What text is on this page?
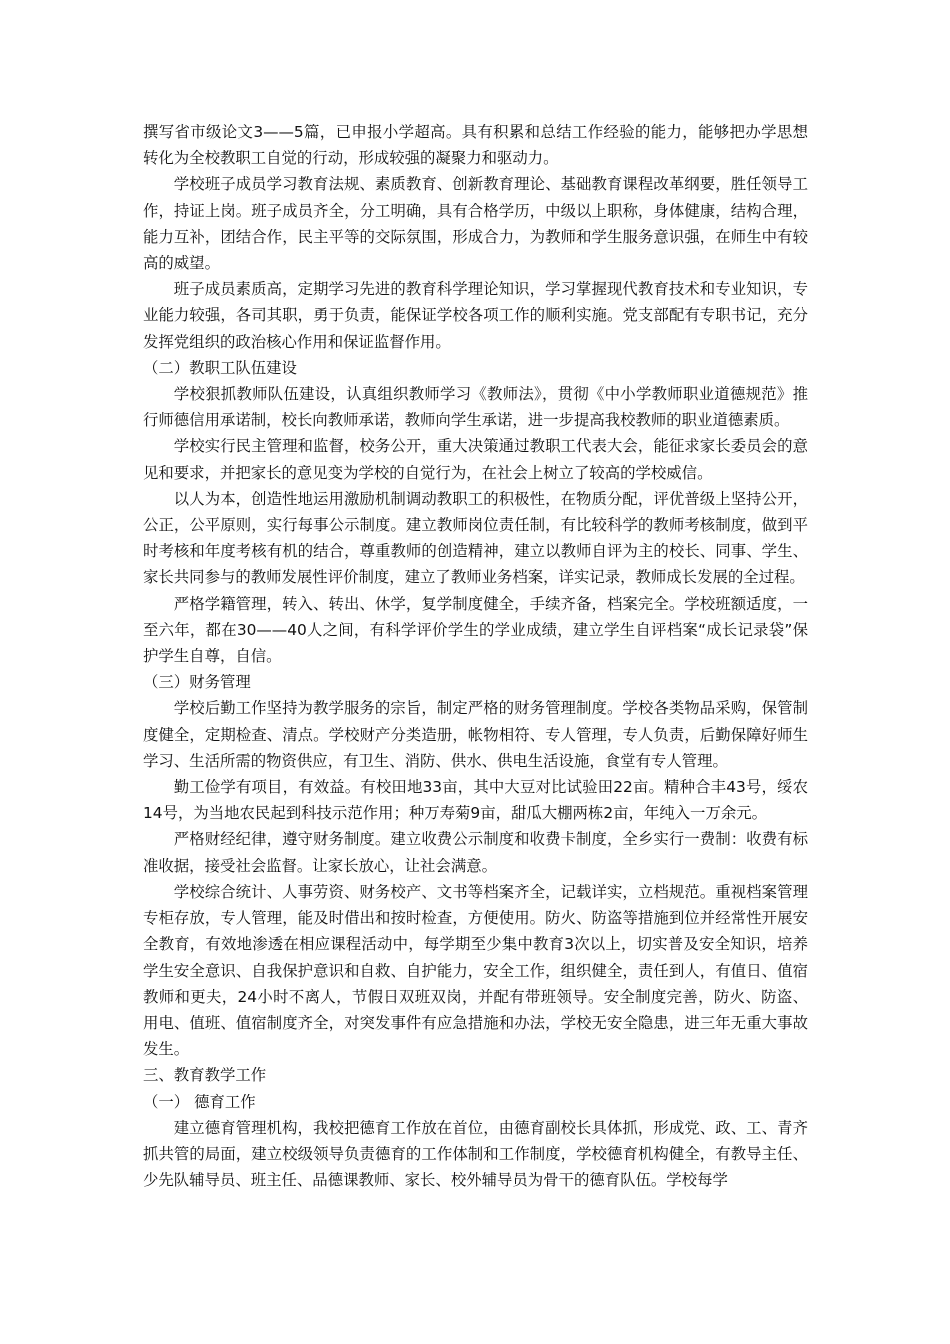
撰写省市级论文3——5篇，已申报小学超高。具有积累和总结工作经验的能力，能够把办学思想转化为全校教职工自觉的行动，形成较强的凝聚力和驱动力。

学校班子成员学习教育法规、素质教育、创新教育理论、基础教育课程改革纲要，胜任领导工作，持证上岗。班子成员齐全，分工明确，具有合格学历，中级以上职称，身体健康，结构合理，能力互补，团结合作，民主平等的交际氛围，形成合力，为教师和学生服务意识强，在师生中有较高的威望。

班子成员素质高，定期学习先进的教育科学理论知识，学习掌握现代教育技术和专业知识，专业能力较强，各司其职，勇于负责，能保证学校各项工作的顺利实施。党支部配有专职书记，充分发挥党组织的政治核心作用和保证监督作用。

（二）教职工队伍建设

学校狠抓教师队伍建设，认真组织教师学习《教师法》，贯彻《中小学教师职业道德规范》推行师德信用承诺制，校长向教师承诺，教师向学生承诺，进一步提高我校教师的职业道德素质。

学校实行民主管理和监督，校务公开，重大决策通过教职工代表大会，能征求家长委员会的意见和要求，并把家长的意见变为学校的自觉行为，在社会上树立了较高的学校威信。

以人为本，创造性地运用激励机制调动教职工的积极性，在物质分配，评优普级上坚持公开，公正，公平原则，实行每事公示制度。建立教师岗位责任制，有比较科学的教师考核制度，做到平时考核和年度考核有机的结合，尊重教师的创造精神，建立以教师自评为主的校长、同事、学生、家长共同参与的教师发展性评价制度，建立了教师业务档案，详实记录，教师成长发展的全过程。

严格学籍管理，转入、转出、休学，复学制度健全，手续齐备，档案完全。学校班额适度，一至六年，都在30——40人之间，有科学评价学生的学业成绩，建立学生自评档案“成长记录袋”保护学生自尊，自信。

（三）财务管理

学校后勤工作坚持为教学服务的宗旨，制定严格的财务管理制度。学校各类物品采购，保管制度健全，定期检查、清点。学校财产分类造册，帐物相符、专人管理，专人负责，后勤保障好师生学习、生活所需的物资供应，有卫生、消防、供水、供电生活设施，食堂有专人管理。

勤工俭学有项目，有效益。有校田地33亩，其中大豆对比试验田22亩。精种合丰43号，绥农14号，为当地农民起到科技示范作用；种万寿菊9亩，甜瓜大棚两栋2亩，年纯入一万余元。

严格财经纪律，遵守财务制度。建立收费公示制度和收费卡制度，全乡实行一费制：收费有标准收据，接受社会监督。让家长放心，让社会满意。

学校综合统计、人事劳资、财务校产、文书等档案齐全，记载详实，立档规范。重视档案管理专柜存放，专人管理，能及时借出和按时检查，方便使用。防火、防盗等措施到位并经常性开展安全教育，有效地渗透在相应课程活动中，每学期至少集中教育3次以上，切实普及安全知识，培养学生安全意识、自我保护意识和自救、自护能力，安全工作，组织健全，责任到人，有值日、值宿教师和更夫，24小时不离人，节假日双班双岗，并配有带班领导。安全制度完善，防火、防盗、用电、值班、值宿制度齐全，对突发事件有应急措施和办法，学校无安全隐患，进三年无重大事故发生。

三、教育教学工作

（一） 德育工作

建立德育管理机构，我校把德育工作放在首位，由德育副校长具体抓，形成党、政、工、青齐抓共管的局面，建立校级领导负责德育的工作体制和工作制度，学校德育机构健全，有教导主任、少先队辅导员、班主任、品德课教师、家长、校外辅导员为骨干的德育队伍。学校每学
